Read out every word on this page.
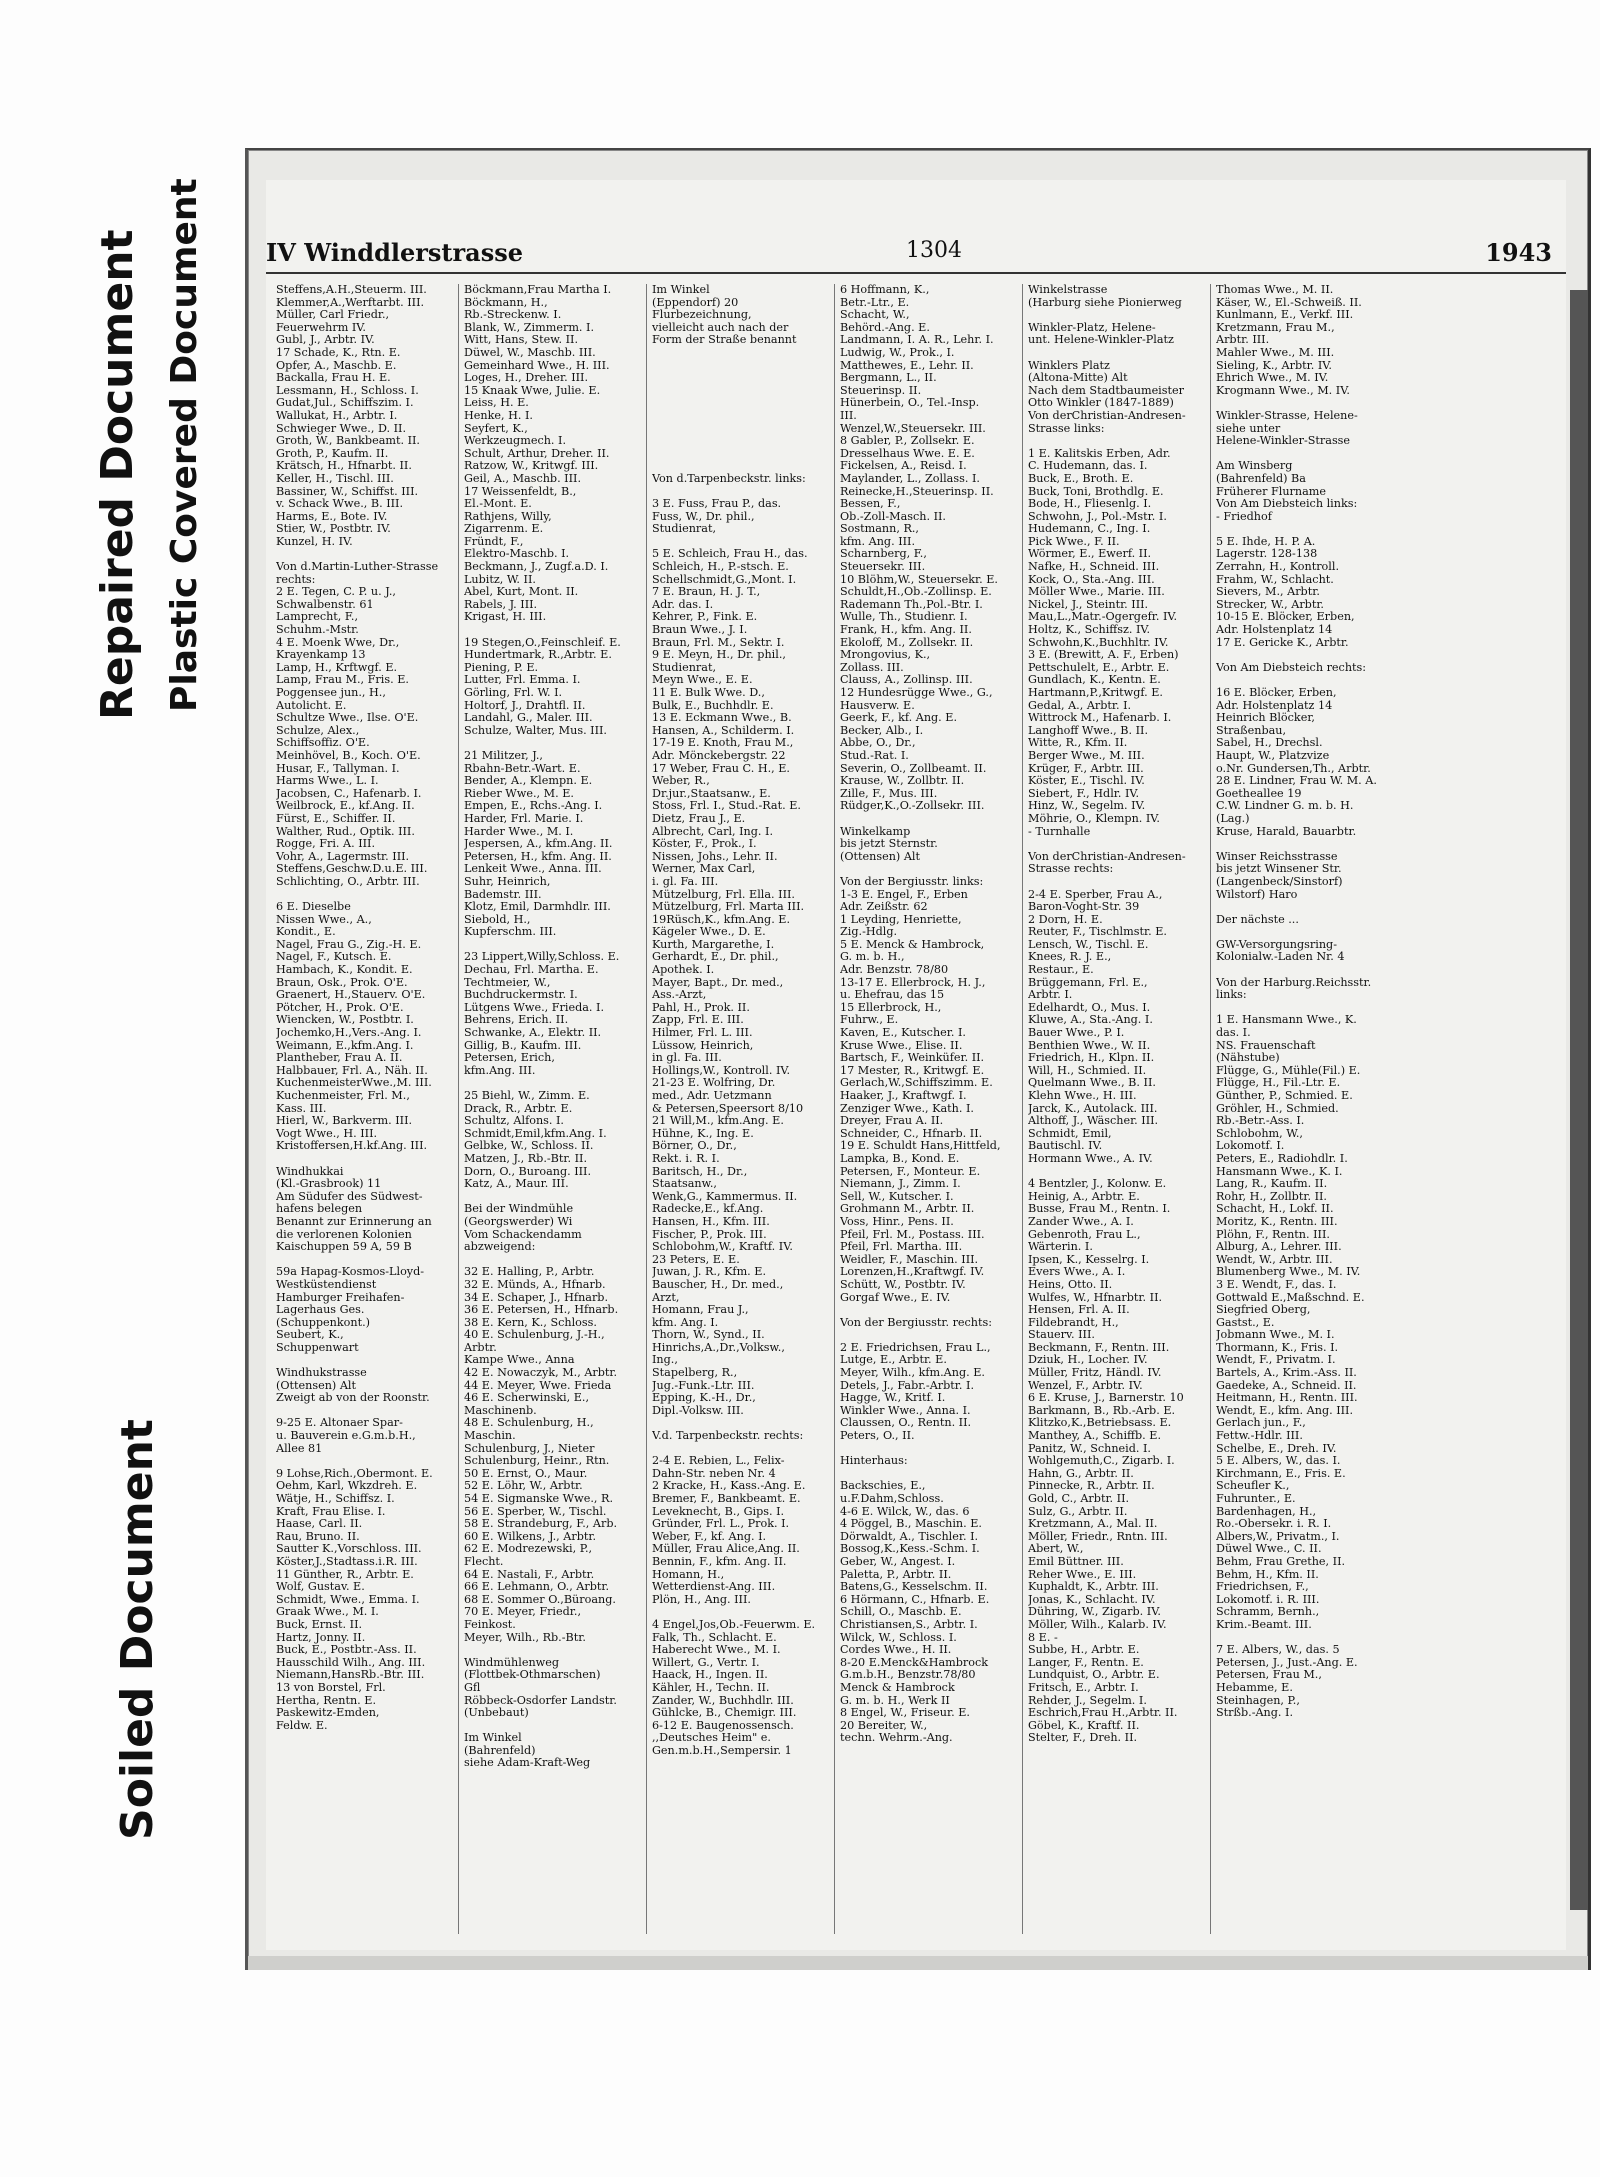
Repaired Document Plastic Covered Document
Soiled Document
IV Winddlerstrasse	1304	1943
Steffens,A.H.,Steuerm. III.
Klemmer,A.,Werftarbt. III.
Müller, Carl Friedr.,
Feuerwehrm IV.
Gubl, J., Arbtr. IV.
17 Schade, K., Rtn. E.
Opfer, A., Maschb. E.
Backalla, Frau H. E.
Lessmann, H., Schloss. I.
Gudat,Jul., Schiffszim. I.
Wallukat, H., Arbtr. I.
Schwieger Wwe., D. II.
Groth, W., Bankbeamt. II.
Groth, P., Kaufm. II.
Krätsch, H., Hfnarbt. II.
Keller, H., Tischl. III.
Bassiner, W., Schiffst. III.
v. Schack Wwe., B. III.
Harms, E., Bote. IV.
Stier, W., Postbtr. IV.
Kunzel, H. IV.

Von d.Martin-Luther-Strasse
rechts:
2 E. Tegen, C. P. u. J.,
Schwalbenstr. 61
Lamprecht, F.,
Schuhm.-Mstr.
4 E. Moenk Wwe, Dr.,
Krayenkamp 13
Lamp, H., Krftwgf. E.
Lamp, Frau M., Fris. E.
Poggensee jun., H.,
Autolicht. E.
Schultze Wwe., Ilse. O'E.
Schulze, Alex.,
Schiffsoffiz. O'E.
Meinhövel, B., Koch. O'E.
Husar, F., Tallyman. I.
Harms Wwe., L. I.
Jacobsen, C., Hafenarb. I.
Weilbrock, E., kf.Ang. II.
Fürst, E., Schiffer. II.
Walther, Rud., Optik. III.
Rogge, Fri. A. III.
Vohr, A., Lagermstr. III.
Steffens,Geschw.D.u.E. III.
Schlichting, O., Arbtr. III.

6 E. Dieselbe
Nissen Wwe., A.,
Kondit., E.
Nagel, Frau G., Zig.-H. E.
Nagel, F., Kutsch. E.
Hambach, K., Kondit. E.
Braun, Osk., Prok. O'E.
Graenert, H.,Stauerv. O'E.
Pötcher, H., Prok. O'E.
Wiencken, W., Postbtr. I.
Jochemko,H.,Vers.-Ang. I.
Weimann, E.,kfm.Ang. I.
Plantheber, Frau A. II.
Halbbauer, Frl. A., Näh. II.
KuchenmeisterWwe.,M. III.
Kuchenmeister, Frl. M.,
Kass. III.
Hierl, W., Barkverm. III.
Vogt Wwe., H. III.
Kristoffersen,H.kf.Ang. III.

Windhukkai
(Kl.-Grasbrook) 11
Am Südufer des Südwest-
hafens belegen
Benannt zur Erinnerung an
die verlorenen Kolonien
Kaischuppen 59 A, 59 B

59a Hapag-Kosmos-Lloyd-
Westküstendienst
Hamburger Freihafen-
Lagerhaus Ges.
(Schuppenkont.)
Seubert, K.,
Schuppenwart

Windhukstrasse
(Ottensen) Alt
Zweigt ab von der Roonstr.

9-25 E. Altonaer Spar-
u. Bauverein e.G.m.b.H.,
Allee 81

9 Lohse,Rich.,Obermont. E.
Oehm, Karl, Wkzdreh. E.
Wätje, H., Schiffsz. I.
Kraft, Frau Elise. I.
Haase, Carl. II.
Rau, Bruno. II.
Sautter K.,Vorschloss. III.
Köster,J.,Stadtass.i.R. III.
11 Günther, R., Arbtr. E.
Wolf, Gustav. E.
Schmidt, Wwe., Emma. I.
Graak Wwe., M. I.
Buck, Ernst. II.
Hartz, Jonny. II.
Buck, E., Postbtr.-Ass. II.
Hausschild Wilh., Ang. III.
Niemann,HansRb.-Btr. III.
13 von Borstel, Frl.
Hertha, Rentn. E.
Paskewitz-Emden,
Feldw. E.
Böckmann,Frau Martha I.
Böckmann, H.,
Rb.-Streckenw. I.
Blank, W., Zimmerm. I.
Witt, Hans, Stew. II.
Düwel, W., Maschb. III.
Gemeinhard Wwe., H. III.
Loges, H., Dreher. III.
15 Knaak Wwe, Julie. E.
Leiss, H. E.
Henke, H. I.
Seyfert, K.,
Werkzeugmech. I.
Schult, Arthur, Dreher. II.
Ratzow, W., Kritwgf. III.
Geil, A., Maschb. III.
17 Weissenfeldt, B.,
El.-Mont. E.
Rathjens, Willy,
Zigarrenm. E.
Fründt, F.,
Elektro-Maschb. I.
Beckmann, J., Zugf.a.D. I.
Lubitz, W. II.
Abel, Kurt, Mont. II.
Rabels, J. III.
Krigast, H. III.

19 Stegen,O.,Feinschleif. E.
Hundertmark, R.,Arbtr. E.
Piening, P. E.
Lutter, Frl. Emma. I.
Görling, Frl. W. I.
Holtorf, J., Drahtfl. II.
Landahl, G., Maler. III.
Schulze, Walter, Mus. III.

21 Militzer, J.,
Rbahn-Betr.-Wart. E.
Bender, A., Klempn. E.
Rieber Wwe., M. E.
Empen, E., Rchs.-Ang. I.
Harder, Frl. Marie. I.
Harder Wwe., M. I.
Jespersen, A., kfm.Ang. II.
Petersen, H., kfm. Ang. II.
Lenkeit Wwe., Anna. III.
Suhr, Heinrich,
Bademstr. III.
Klotz, Emil, Darmhdlr. III.
Siebold, H.,
Kupferschm. III.

23 Lippert,Willy,Schloss. E.
Dechau, Frl. Martha. E.
Techtmeier, W.,
Buchdruckermstr. I.
Lütgens Wwe., Frieda. I.
Behrens, Erich. II.
Schwanke, A., Elektr. II.
Gillig, B., Kaufm. III.
Petersen, Erich,
kfm.Ang. III.

25 Biehl, W., Zimm. E.
Drack, R., Arbtr. E.
Schultz, Alfons. I.
Schmidt,Emil,kfm.Ang. I.
Gelbke, W., Schloss. II.
Matzen, J., Rb.-Btr. II.
Dorn, O., Buroang. III.
Katz, A., Maur. III.

Bei der Windmühle
(Georgswerder) Wi
Vom Schackendamm
abzweigend:

32 E. Halling, P., Arbtr.
32 E. Münds, A., Hfnarb.
34 E. Schaper, J., Hfnarb.
36 E. Petersen, H., Hfnarb.
38 E. Kern, K., Schloss.
40 E. Schulenburg, J.-H.,
Arbtr.
Kampe Wwe., Anna
42 E. Nowaczyk, M., Arbtr.
44 E. Meyer, Wwe. Frieda
46 E. Scherwinski, E.,
Maschinenb.
48 E. Schulenburg, H.,
Maschin.
Schulenburg, J., Nieter
Schulenburg, Heinr., Rtn.
50 E. Ernst, O., Maur.
52 E. Löhr, W., Arbtr.
54 E. Sigmanske Wwe., R.
56 E. Sperber, W., Tischl.
58 E. Strandeburg, F., Arb.
60 E. Wilkens, J., Arbtr.
62 E. Modrezewski, P.,
Flecht.
64 E. Nastali, F., Arbtr.
66 E. Lehmann, O., Arbtr.
68 E. Sommer O.,Büroang.
70 E. Meyer, Friedr.,
Feinkost.
Meyer, Wilh., Rb.-Btr.

Windmühlenweg
(Flottbek-Othmarschen)
Gfl
Röbbeck-Osdorfer Landstr.
(Unbebaut)

Im Winkel
(Bahrenfeld)
siehe Adam-Kraft-Weg
Im Winkel
(Eppendorf) 20
Flurbezeichnung,
vielleicht auch nach der
Form der Straße benannt

Von d.Tarpenbeckstr. links:

3 E. Fuss, Frau P., das.
Fuss, W., Dr. phil.,
Studienrat,

5 E. Schleich, Frau H., das.
Schleich, H., P.-stsch. E.
Schellschmidt,G.,Mont. I.
7 E. Braun, H. J. T.,
Adr. das. I.
Kehrer, P., Fink. E.
Braun Wwe., J. I.
Braun, Frl. M., Sektr. I.
9 E. Meyn, H., Dr. phil.,
Studienrat,
Meyn Wwe., E. E.
11 E. Bulk Wwe. D.,
Bulk, E., Buchhdlr. E.
13 E. Eckmann Wwe., B.
Hansen, A., Schilderm. I.
17-19 E. Knoth, Frau M.,
Adr. Mönckebergstr. 22
17 Weber, Frau C. H., E.
Weber, R.,
Dr.jur.,Staatsanw., E.
Stoss, Frl. I., Stud.-Rat. E.
Dietz, Frau J., E.
Albrecht, Carl, Ing. I.
Köster, F., Prok., I.
Nissen, Johs., Lehr. II.
Werner, Max Carl,
i. gl. Fa. III.
Mützelburg, Frl. Ella. III.
Mützelburg, Frl. Marta III.
19Rüsch,K., kfm.Ang. E.
Kägeler Wwe., D. E.
Kurth, Margarethe, I.
Gerhardt, E., Dr. phil.,
Apothek. I.
Mayer, Bapt., Dr. med.,
Ass.-Arzt,
Pahl, H., Prok. II.
Zapp, Frl. E. III.
Hilmer, Frl. L. III.
Lüssow, Heinrich,
in gl. Fa. III.
Hollings,W., Kontroll. IV.
21-23 E. Wolfring, Dr.
med., Adr. Uetzmann
& Petersen,Speersort 8/10
21 Will,M., kfm.Ang. E.
Hühne, K., Ing. E.
Börner, O., Dr.,
Rekt. i. R. I.
Baritsch, H., Dr.,
Staatsanw.,
Wenk,G., Kammermus. II.
Radecke,E., kf.Ang.
Hansen, H., Kfm. III.
Fischer, P., Prok. III.
Schlobohm,W., Kraftf. IV.
23 Peters, E. E.
Juwan, J. R., Kfm. E.
Bauscher, H., Dr. med.,
Arzt,
Homann, Frau J.,
kfm. Ang. I.
Thorn, W., Synd., II.
Hinrichs,A.,Dr.,Volksw.,
Ing.,
Stapelberg, R.,
Jug.-Funk.-Ltr. III.
Epping, K.-H., Dr.,
Dipl.-Volksw. III.

V.d. Tarpenbeckstr. rechts:

2-4 E. Rebien, L., Felix-
Dahn-Str. neben Nr. 4
2 Kracke, H., Kass.-Ang. E.
Bremer, F., Bankbeamt. E.
Leveknecht, B., Gips. I.
Gründer, Frl. L., Prok. I.
Weber, F., kf. Ang. I.
Müller, Frau Alice,Ang. II.
Bennin, F., kfm. Ang. II.
Homann, H.,
Wetterdienst-Ang. III.
Plön, H., Ang. III.

4 Engel,Jos,Ob.-Feuerwm. E.
Falk, Th., Schlacht. E.
Haberecht Wwe., M. I.
Willert, G., Vertr. I.
Haack, H., Ingen. II.
Kähler, H., Techn. II.
Zander, W., Buchhdlr. III.
Gühlcke, B., Chemigr. III.
6-12 E. Baugenossensch.
,,Deutsches Heim" e.
Gen.m.b.H.,Sempersir. 1
6 Hoffmann, K.,
Betr.-Ltr., E.
Schacht, W.,
Behörd.-Ang. E.
Landmann, I. A. R., Lehr. I.
Ludwig, W., Prok., I.
Matthewes, E., Lehr. II.
Bergmann, L., II.
Steuerinsp. II.
Hünerbein, O., Tel.-Insp.
III.
Wenzel,W.,Steuersekr. III.
8 Gabler, P., Zollsekr. E.
Dresselhaus Wwe. E. E.
Fickelsen, A., Reisd. I.
Maylander, L., Zollass. I.
Reinecke,H.,Steuerinsp. II.
Bessen, F.,
Ob.-Zoll-Masch. II.
Sostmann, R.,
kfm. Ang. III.
Scharnberg, F.,
Steuersekr. III.
10 Blöhm,W., Steuersekr. E.
Schuldt,H.,Ob.-Zollinsp. E.
Rademann Th.,Pol.-Btr. I.
Wulle, Th., Studienr. I.
Frank, H., kfm. Ang. II.
Ekoloff, M., Zollsekr. II.
Mrongovius, K.,
Zollass. III.
Clauss, A., Zollinsp. III.
12 Hundesrügge Wwe., G.,
Hausverw. E.
Geerk, F., kf. Ang. E.
Becker, Alb., I.
Abbe, O., Dr.,
Stud.-Rat. I.
Severin, O., Zollbeamt. II.
Krause, W., Zollbtr. II.
Zille, F., Mus. III.
Rüdger,K.,O.-Zollsekr. III.

Winkelkamp
bis jetzt Sternstr.
(Ottensen) Alt

Von der Bergiusstr. links:
1-3 E. Engel, F., Erben
Adr. Zeißstr. 62
1 Leyding, Henriette,
Zig.-Hdlg.
5 E. Menck & Hambrock,
G. m. b. H.,
Adr. Benzstr. 78/80
13-17 E. Ellerbrock, H. J.,
u. Ehefrau, das 15
15 Ellerbrock, H.,
Fuhrw., E.
Kaven, E., Kutscher. I.
Kruse Wwe., Elise. II.
Bartsch, F., Weinküfer. II.
17 Mester, R., Kritwgf. E.
Gerlach,W.,Schiffszimm. E.
Haaker, J., Kraftwgf. I.
Zenziger Wwe., Kath. I.
Dreyer, Frau A. II.
Schneider, C., Hfnarb. II.
19 E. Schuldt Hans,Hittfeld,
Lampka, B., Kond. E.
Petersen, F., Monteur. E.
Niemann, J., Zimm. I.
Sell, W., Kutscher. I.
Grohmann M., Arbtr. II.
Voss, Hinr., Pens. II.
Pfeil, Frl. M., Postass. III.
Pfeil, Frl. Martha. III.
Weidler, F., Maschin. III.
Lorenzen,H.,Kraftwgf. IV.
Schütt, W., Postbtr. IV.
Gorgaf Wwe., E. IV.

Von der Bergiusstr. rechts:

2 E. Friedrichsen, Frau L.,
Lutge, E., Arbtr. E.
Meyer, Wilh., kfm.Ang. E.
Detels, J., Fabr.-Arbtr. I.
Hagge, W., Kritf. I.
Winkler Wwe., Anna. I.
Claussen, O., Rentn. II.
Peters, O., II.

Hinterhaus:

Backschies, E.,
u.F.Dahm,Schloss.
4-6 E. Wilck, W., das. 6
4 Pöggel, B., Maschin. E.
Dörwaldt, A., Tischler. I.
Bossog,K.,Kess.-Schm. I.
Geber, W., Angest. I.
Paletta, P., Arbtr. II.
Batens,G., Kesselschm. II.
6 Hörmann, C., Hfnarb. E.
Schill, O., Maschb. E.
Christiansen,S., Arbtr. I.
Wilck, W., Schloss. I.
Cordes Wwe., H. II.
8-20 E.Menck&Hambrock
G.m.b.H., Benzstr.78/80
Menck & Hambrock
G. m. b. H., Werk II
8 Engel, W., Friseur. E.
20 Bereiter, W.,
techn. Wehrm.-Ang.
Winkelstrasse
(Harburg siehe Pionierweg

Winkler-Platz, Helene-
unt. Helene-Winkler-Platz

Winklers Platz
(Altona-Mitte) Alt
Nach dem Stadtbaumeister
Otto Winkler (1847-1889)
Von derChristian-Andresen-
Strasse links:

1 E. Kalitskis Erben, Adr.
C. Hudemann, das. I.
Buck, E., Broth. E.
Buck, Toni, Brothdlg. E.
Bode, H., Fliesenlg. I.
Schwohn, J., Pol.-Mstr. I.
Hudemann, C., Ing. I.
Pick Wwe., F. II.
Wörmer, E., Ewerf. II.
Nafke, H., Schneid. III.
Kock, O., Sta.-Ang. III.
Möller Wwe., Marie. III.
Nickel, J., Steintr. III.
Mau,L.,Matr.-Ogergefr. IV.
Holtz, K., Schiffsz. IV.
Schwohn,K.,Buchhltr. IV.
3 E. (Brewitt, A. F., Erben)
Pettschulelt, E., Arbtr. E.
Gundlach, K., Kentn. E.
Hartmann,P.,Kritwgf. E.
Gedal, A., Arbtr. I.
Wittrock M., Hafenarb. I.
Langhoff Wwe., B. II.
Witte, R., Kfm. II.
Berger Wwe., M. III.
Krüger, F., Arbtr. III.
Köster, E., Tischl. IV.
Siebert, F., Hdlr. IV.
Hinz, W., Segelm. IV.
Möhrie, O., Klempn. IV.
- Turnhalle

Von derChristian-Andresen-
Strasse rechts:

2-4 E. Sperber, Frau A.,
Baron-Voght-Str. 39
2 Dorn, H. E.
Reuter, F., Tischlmstr. E.
Lensch, W., Tischl. E.
Knees, R. J. E.,
Restaur., E.
Brüggemann, Frl. E.,
Arbtr. I.
Edelhardt, O., Mus. I.
Kluwe, A., Sta.-Ang. I.
Bauer Wwe., P. I.
Benthien Wwe., W. II.
Friedrich, H., Klpn. II.
Will, H., Schmied. II.
Quelmann Wwe., B. II.
Klehn Wwe., H. III.
Jarck, K., Autolack. III.
Althoff, J., Wäscher. III.
Schmidt, Emil,
Bautischl. IV.
Hormann Wwe., A. IV.

4 Bentzler, J., Kolonw. E.
Heinig, A., Arbtr. E.
Busse, Frau M., Rentn. I.
Zander Wwe., A. I.
Gebenroth, Frau L.,
Wärterin. I.
Ipsen, K., Kesselrg. I.
Evers Wwe., A. I.
Heins, Otto. II.
Wulfes, W., Hfnarbtr. II.
Hensen, Frl. A. II.
Fildebrandt, H.,
Stauerv. III.
Beckmann, F., Rentn. III.
Dziuk, H., Locher. IV.
Müller, Fritz, Händl. IV.
Wenzel, F., Arbtr. IV.
6 E. Kruse, J., Barnerstr. 10
Barkmann, B., Rb.-Arb. E.
Klitzko,K.,Betriebsass. E.
Manthey, A., Schiffb. E.
Panitz, W., Schneid. I.
Wohlgemuth,C., Zigarb. I.
Hahn, G., Arbtr. II.
Pinnecke, R., Arbtr. II.
Gold, C., Arbtr. II.
Sulz, G., Arbtr. II.
Kretzmann, A., Mal. II.
Möller, Friedr., Rntn. III.
Abert, W.,
Emil Büttner. III.
Reher Wwe., E. III.
Kuphaldt, K., Arbtr. III.
Jonas, K., Schlacht. IV.
Dühring, W., Zigarb. IV.
Möller, Wilh., Kalarb. IV.
8 E. -
Subbe, H., Arbtr. E.
Langer, F., Rentn. E.
Lundquist, O., Arbtr. E.
Fritsch, E., Arbtr. I.
Rehder, J., Segelm. I.
Eschrich,Frau H.,Arbtr. II.
Göbel, K., Kraftf. II.
Stelter, F., Dreh. II.
Thomas Wwe., M. II.
Käser, W., El.-Schweiß. II.
Kunlmann, E., Verkf. III.
Kretzmann, Frau M.,
Arbtr. III.
Mahler Wwe., M. III.
Sieling, K., Arbtr. IV.
Ehrich Wwe., M. IV.
Krogmann Wwe., M. IV.

Winkler-Strasse, Helene-
siehe unter
Helene-Winkler-Strasse

Am Winsberg
(Bahrenfeld) Ba
Früherer Flurname
Von Am Diebsteich links:
- Friedhof

5 E. Ihde, H. P. A.
Lagerstr. 128-138
Zerrahn, H., Kontroll.
Frahm, W., Schlacht.
Sievers, M., Arbtr.
Strecker, W., Arbtr.
10-15 E. Blöcker, Erben,
Adr. Holstenplatz 14
17 E. Gericke K., Arbtr.

Von Am Diebsteich rechts:

16 E. Blöcker, Erben,
Adr. Holstenplatz 14
Heinrich Blöcker,
Straßenbau,
Sabel, H., Drechsl.
Haupt, W., Platzvize
o.Nr. Gundersen,Th., Arbtr.
28 E. Lindner, Frau W. M. A.
Goetheallee 19
C.W. Lindner G. m. b. H.
(Lag.)
Kruse, Harald, Bauarbtr.

Winser Reichsstrasse
bis jetzt Winsener Str.
(Langenbeck/Sinstorf)
Wilstorf) Haro

Der nächste ...

GW-Versorgungsring-
Kolonialw.-Laden Nr. 4

Von der Harburg.Reichsstr.
links:

1 E. Hansmann Wwe., K.
das. I.
NS. Frauenschaft
(Nähstube)
Flügge, G., Mühle(Fil.) E.
Flügge, H., Fil.-Ltr. E.
Günther, P., Schmied. E.
Gröhler, H., Schmied.
Rb.-Betr.-Ass. I.
Schlobohm, W.,
Lokomotf. I.
Peters, E., Radiohdlr. I.
Hansmann Wwe., K. I.
Lang, R., Kaufm. II.
Rohr, H., Zollbtr. II.
Schacht, H., Lokf. II.
Moritz, K., Rentn. III.
Plöhn, F., Rentn. III.
Alburg, A., Lehrer. III.
Wendt, W., Arbtr. III.
Blumenberg Wwe., M. IV.
3 E. Wendt, F., das. I.
Gottwald E.,Maßschnd. E.
Siegfried Oberg,
Gastst., E.
Jobmann Wwe., M. I.
Thormann, K., Fris. I.
Wendt, F., Privatm. I.
Bartels, A., Krim.-Ass. II.
Gaedeke, A., Schneid. II.
Heitmann, H., Rentn. III.
Wendt, E., kfm. Ang. III.
Gerlach jun., F.,
Fettw.-Hdlr. III.
Schelbe, E., Dreh. IV.
5 E. Albers, W., das. I.
Kirchmann, E., Fris. E.
Scheufler K.,
Fuhrunter., E.
Bardenhagen, H.,
Ro.-Obersekr. i. R. I.
Albers,W., Privatm., I.
Düwel Wwe., C. II.
Behm, Frau Grethe, II.
Behm, H., Kfm. II.
Friedrichsen, F.,
Lokomotf. i. R. III.
Schramm, Bernh.,
Krim.-Beamt. III.

7 E. Albers, W., das. 5
Petersen, J., Just.-Ang. E.
Petersen, Frau M.,
Hebamme, E.
Steinhagen, P.,
Strßb.-Ang. I.
